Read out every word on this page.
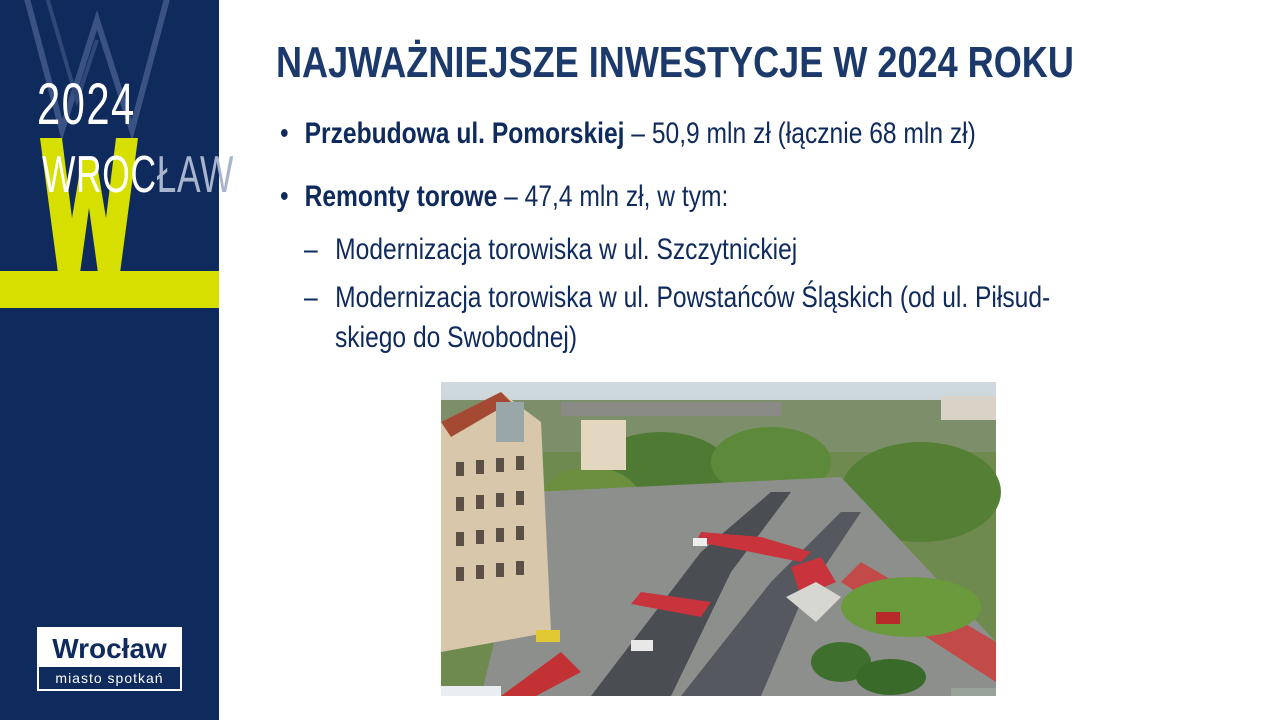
2024
WROCŁAW
Wrocław
miasto spotkań
NAJWAŻNIEJSZE INWESTYCJE W 2024 ROKU
• Przebudowa ul. Pomorskiej – 50,9 mln zł (łącznie 68 mln zł)
• Remonty torowe – 47,4 mln zł, w tym:
– Modernizacja torowiska w ul. Szczytnickiej
– Modernizacja torowiska w ul. Powstańców Śląskich (od ul. Piłsud-
skiego do Swobodnej)
